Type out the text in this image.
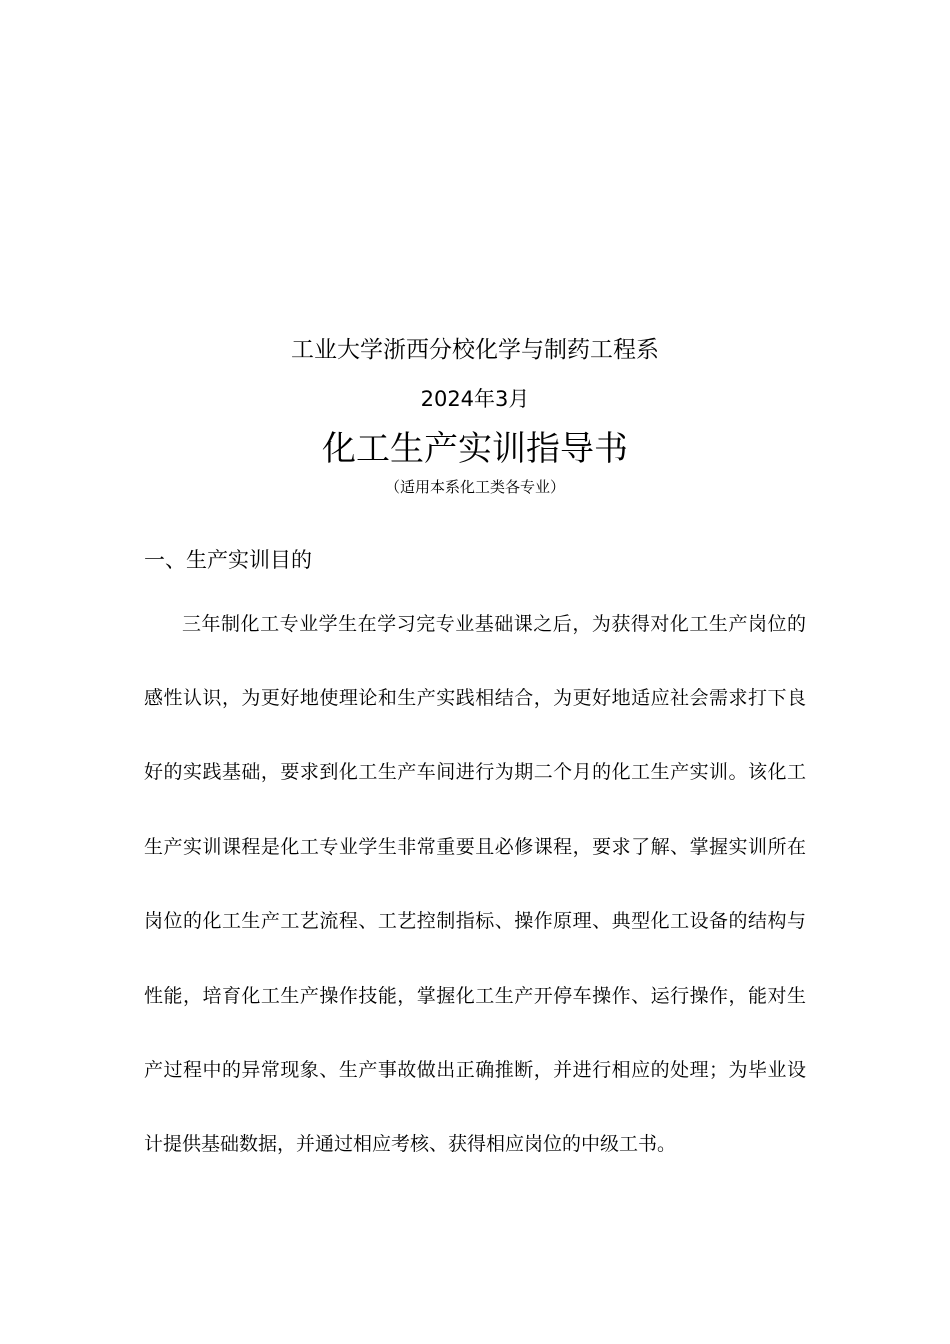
工业大学浙西分校化学与制药工程系
2024年3月
化工生产实训指导书
（适用本系化工类各专业）
一、生产实训目的
三年制化工专业学生在学习完专业基础课之后，为获得对化工生产岗位的
感性认识，为更好地使理论和生产实践相结合，为更好地适应社会需求打下良
好的实践基础，要求到化工生产车间进行为期二个月的化工生产实训。该化工
生产实训课程是化工专业学生非常重要且必修课程，要求了解、掌握实训所在
岗位的化工生产工艺流程、工艺控制指标、操作原理、典型化工设备的结构与
性能，培育化工生产操作技能，掌握化工生产开停车操作、运行操作，能对生
产过程中的异常现象、生产事故做出正确推断，并进行相应的处理；为毕业设
计提供基础数据，并通过相应考核、获得相应岗位的中级工书。
